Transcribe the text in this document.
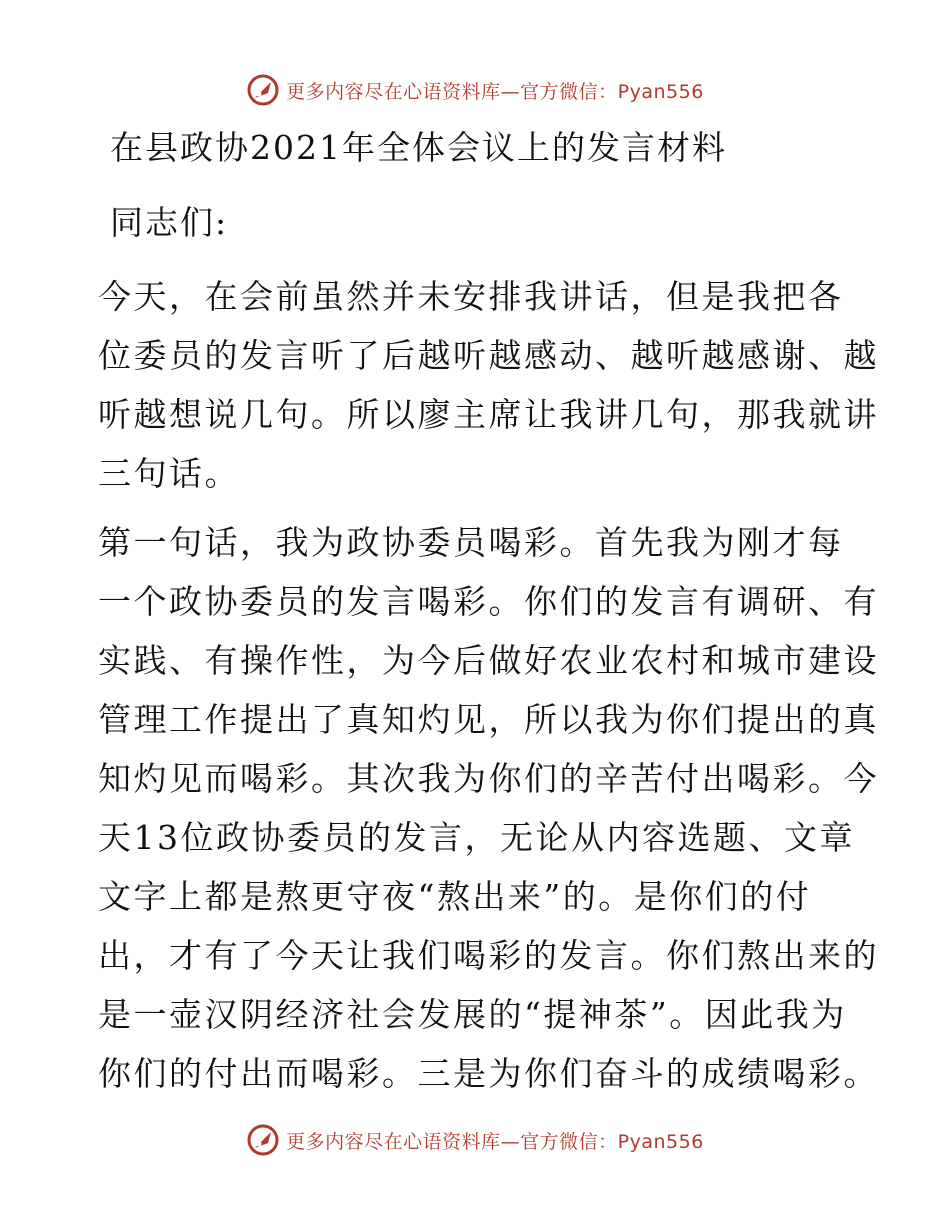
更多内容尽在心语资料库—官方微信：Pyan556
在县政协2021年全体会议上的发言材料
同志们:
今天，在会前虽然并未安排我讲话，但是我把各
位委员的发言听了后越听越感动、越听越感谢、越
听越想说几句。所以廖主席让我讲几句，那我就讲
三句话。
第一句话，我为政协委员喝彩。首先我为刚才每
一个政协委员的发言喝彩。你们的发言有调研、有
实践、有操作性，为今后做好农业农村和城市建设
管理工作提出了真知灼见，所以我为你们提出的真
知灼见而喝彩。其次我为你们的辛苦付出喝彩。今
天13位政协委员的发言，无论从内容选题、文章
文字上都是熬更守夜“熬出来”的。是你们的付
出，才有了今天让我们喝彩的发言。你们熬出来的
是一壶汉阴经济社会发展的“提神茶”。因此我为
你们的付出而喝彩。三是为你们奋斗的成绩喝彩。
更多内容尽在心语资料库—官方微信：Pyan556
